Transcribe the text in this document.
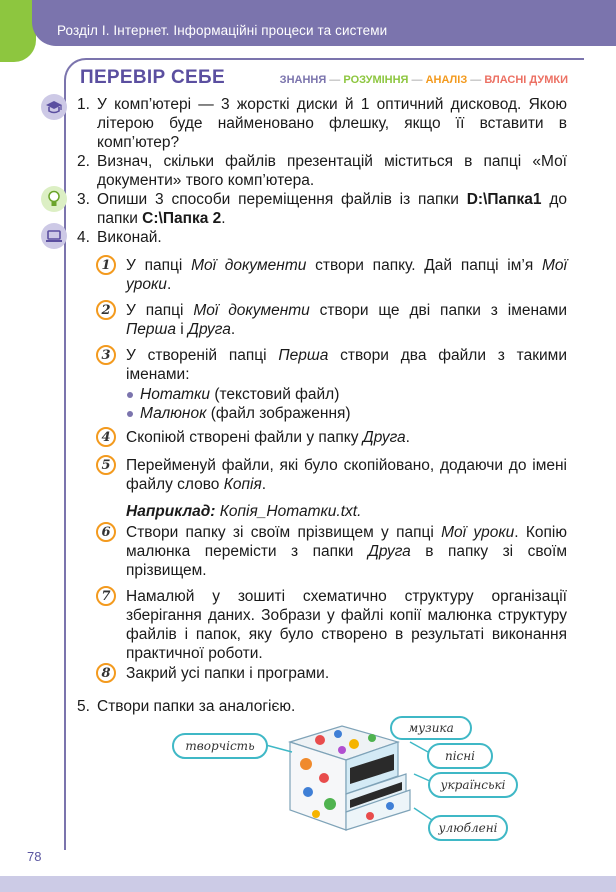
Розділ I. Інтернет. Інформаційні процеси та системи
ПЕРЕВІР СЕБЕ	ЗНАННЯ — РОЗУМІННЯ — АНАЛІЗ — ВЛАСНІ ДУМКИ
1. У комп’ютері — 3 жорсткі диски й 1 оптичний дисковод. Якою літерою буде найменовано флешку, якщо її вставити в комп’ютер?
2. Визнач, скільки файлів презентацій міститься в папці «Мої документи» твого комп’ютера.
3. Опиши 3 способи переміщення файлів із папки D:\Папка1 до папки C:\Папка 2.
4. Виконай.
1 У папці Мої документи створи папку. Дай папці ім’я Мої уроки.
2 У папці Мої документи створи ще дві папки з іменами Перша і Друга.
3 У створеній папці Перша створи два файли з такими іменами:
Нотатки (текстовий файл)
Малюнок (файл зображення)
4 Скопіюй створені файли у папку Друга.
5 Перейменуй файли, які було скопійовано, додаючи до імені файлу слово Копія.
Наприклад: Копія_Нотатки.txt.
6 Створи папку зі своїм прізвищем у папці Мої уроки. Копію малюнка перемісти з папки Друга в папку зі своїм прізвищем.
7 Намалюй у зошиті схематично структуру організації зберігання даних. Зобрази у файлі копії малюнка структуру файлів і папок, яку було створено в результаті виконання практичної роботи.
8 Закрий усі папки і програми.
5. Створи папки за аналогією.
творчість
музика
пісні
українські
улюблені
78
